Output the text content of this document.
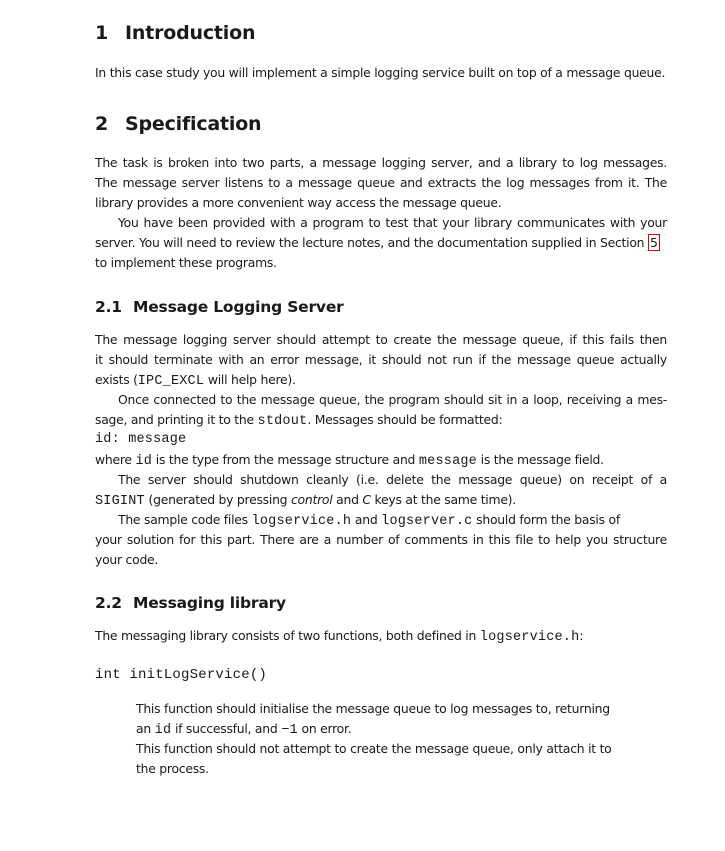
1 Introduction
In this case study you will implement a simple logging service built on top of a message queue.
2 Specification
The task is broken into two parts, a message logging server, and a library to log messages.
The message server listens to a message queue and extracts the log messages from it. The
library provides a more convenient way access the message queue.
You have been provided with a program to test that your library communicates with your
server. You will need to review the lecture notes, and the documentation supplied in Section 5
to implement these programs.
2.1 Message Logging Server
The message logging server should attempt to create the message queue, if this fails then
it should terminate with an error message, it should not run if the message queue actually
exists (IPC_EXCL will help here).
Once connected to the message queue, the program should sit in a loop, receiving a mes-
sage, and printing it to the stdout. Messages should be formatted:
id: message
where id is the type from the message structure and message is the message field.
The server should shutdown cleanly (i.e. delete the message queue) on receipt of a
SIGINT (generated by pressing control and C keys at the same time).
The sample code files logservice.h and logserver.c should form the basis of
your solution for this part. There are a number of comments in this file to help you structure
your code.
2.2 Messaging library
The messaging library consists of two functions, both defined in logservice.h:
int initLogService()
This function should initialise the message queue to log messages to, returning
an id if successful, and −1 on error.
This function should not attempt to create the message queue, only attach it to
the process.
